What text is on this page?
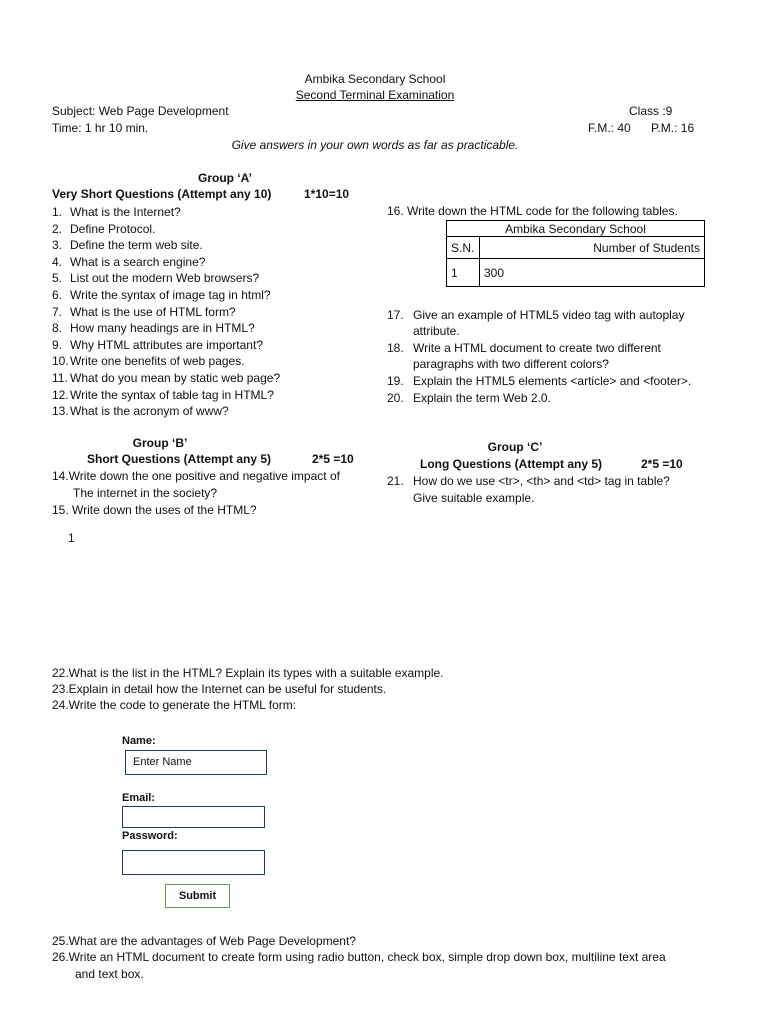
Ambika Secondary School
Second Terminal Examination
Subject: Web Page Development	Class :9
Time: 1 hr 10 min.	F.M.: 40 P.M.: 16
Give answers in your own words as far as practicable.
Group ‘A’
Very Short Questions (Attempt any 10)	1*10=10
1. What is the Internet?
2. Define Protocol.
3. Define the term web site.
4. What is a search engine?
5. List out the modern Web browsers?
6. Write the syntax of image tag in html?
7. What is the use of HTML form?
8. How many headings are in HTML?
9. Why HTML attributes are important?
10.Write one benefits of web pages.
11. What do you mean by static web page?
12.Write the syntax of table tag in HTML?
13.What is the acronym of www?
Group ‘B’
Short Questions (Attempt any 5)	2*5 =10
14.Write down the one positive and negative impact of
The internet in the society?
15. Write down the uses of the HTML?
1
16. Write down the HTML code for the following tables.
Ambika Secondary School	
S.N.	Number of Students
1	300
17. Give an example of HTML5 video tag with autoplay
attribute.
18. Write a HTML document to create two different
paragraphs with two different colors?
19. Explain the HTML5 elements <article> and <footer>.
20. Explain the term Web 2.0.
Group ‘C’
Long Questions (Attempt any 5)	2*5 =10
21. How do we use <tr>, <th> and <td> tag in table?
Give suitable example.
22.What is the list in the HTML? Explain its types with a suitable example.
23.Explain in detail how the Internet can be useful for students.
24.Write the code to generate the HTML form:
Name:
Enter Name
Email:
Password:
Submit
25.What are the advantages of Web Page Development?
26.Write an HTML document to create form using radio button, check box, simple drop down box, multiline text area
and text box.
